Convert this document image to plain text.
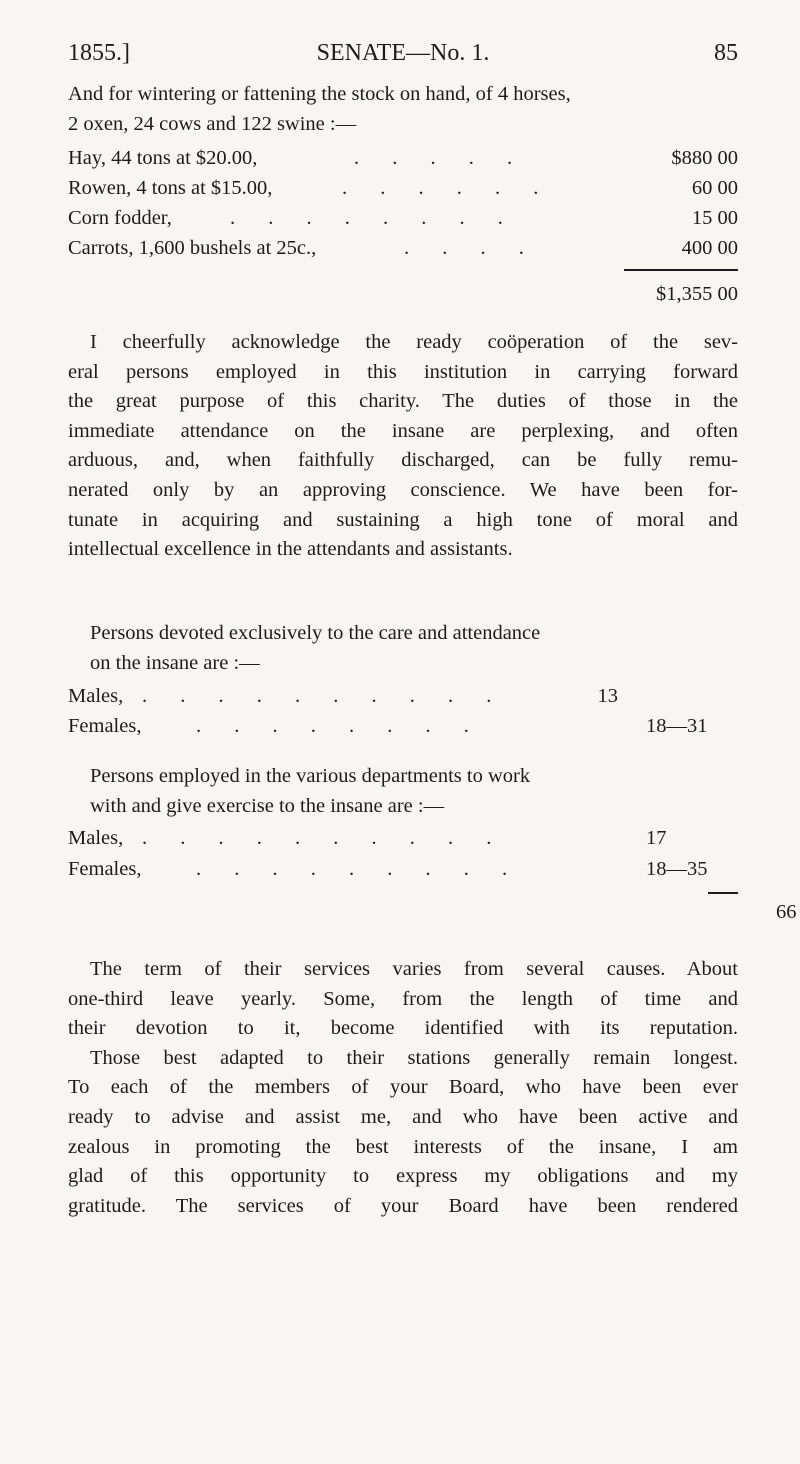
1855.]	SENATE—No. 1.	85
And for wintering or fattening the stock on hand, of 4 horses,
2 oxen, 24 cows and 122 swine :—
Hay, 44 tons at $20.00,	. . . . .	$880 00
Rowen, 4 tons at $15.00,	. . . . . .	60 00
Corn fodder,	. . . . . . . .	15 00
Carrots, 1,600 bushels at 25c.,	. . . .	400 00
$1,355 00
I cheerfully acknowledge the ready coöperation of the sev-
eral persons employed in this institution in carrying forward
the great purpose of this charity. The duties of those in the
immediate attendance on the insane are perplexing, and often
arduous, and, when faithfully discharged, can be fully remu-
nerated only by an approving conscience. We have been for-
tunate in acquiring and sustaining a high tone of moral and
intellectual excellence in the attendants and assistants.
Persons devoted exclusively to the care and attendance
on the insane are :—
Males, . . . . . . . . . .	13
Females,	. . . . . . . .	18—31
Persons employed in the various departments to work
with and give exercise to the insane are :—
Males, . . . . . . . . . .	17
Females,	. . . . . . . . .	18—35
66
The term of their services varies from several causes. About
one-third leave yearly. Some, from the length of time and
their devotion to it, become identified with its reputation.
Those best adapted to their stations generally remain longest.
To each of the members of your Board, who have been ever
ready to advise and assist me, and who have been active and
zealous in promoting the best interests of the insane, I am
glad of this opportunity to express my obligations and my
gratitude. The services of your Board have been rendered
